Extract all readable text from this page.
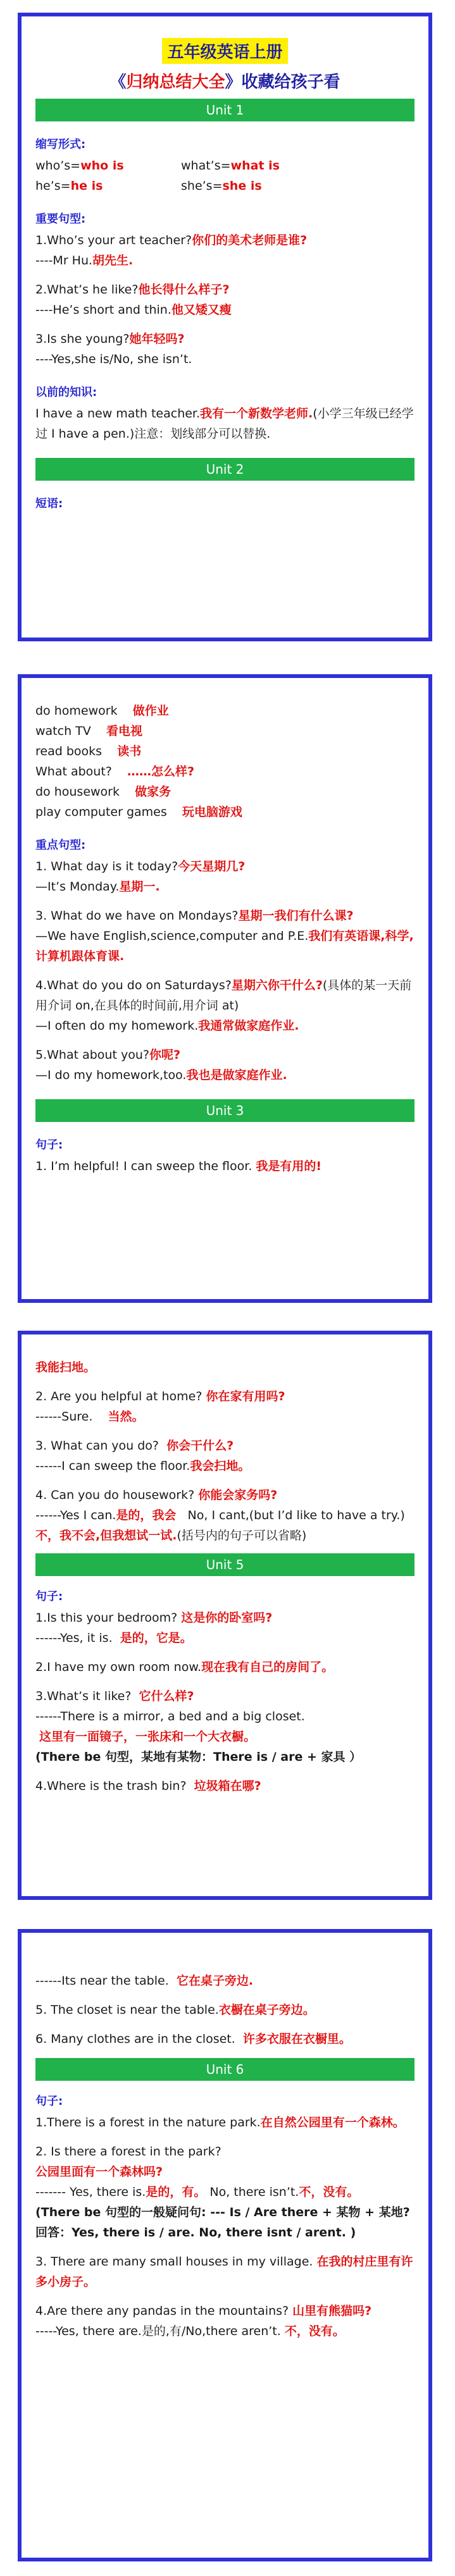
五年级英语上册
《归纳总结大全》收藏给孩子看
Unit 1
缩写形式:

who’s=who is	what’s=what is

he’s=he is	she’s=she is

重要句型:

1.Who’s your art teacher?你们的美术老师是谁?

----Mr Hu.胡先生.

2.What’s he like?他长得什么样子?

----He’s short and thin.他又矮又瘦

3.Is she young?她年轻吗?

----Yes,she is/No, she isn’t.

以前的知识:

I have a new math teacher.我有一个新数学老师.(小学三年级已经学过 I have a pen.)注意：划线部分可以替换.

Unit 2
短语:

do homework 做作业

watch TV 看电视

read books 读书

What about? ……怎么样?

do housework 做家务

play computer games 玩电脑游戏

重点句型:

1. What day is it today?今天星期几?

—It’s Monday.星期一.

3. What do we have on Mondays?星期一我们有什么课?

—We have English,science,computer and P.E.我们有英语课,科学,计算机跟体育课.

4.What do you do on Saturdays?星期六你干什么?(具体的某一天前用介词 on,在具体的时间前,用介词 at)

—I often do my homework.我通常做家庭作业.

5.What about you?你呢?

—I do my homework,too.我也是做家庭作业.

Unit 3
句子:

1. I’m helpful! I can sweep the floor. 我是有用的!

我能扫地。

2. Are you helpful at home? 你在家有用吗?

------Sure. 当然。

3. What can you do? 你会干什么?

------I can sweep the floor.我会扫地。

4. Can you do housework? 你能会家务吗?

------Yes I can.是的，我会 No, I cant,(but I’d like to have a try.)不，我不会,但我想试一试.(括号内的句子可以省略)

Unit 5
句子:

1.Is this your bedroom? 这是你的卧室吗?

------Yes, it is. 是的，它是。

2.I have my own room now.现在我有自己的房间了。

3.What’s it like? 它什么样?

------There is a mirror, a bed and a big closet.

这里有一面镜子，一张床和一个大衣橱。

(There be 句型，某地有某物：There is / are + 家具 ）

4.Where is the trash bin? 垃圾箱在哪?

------Its near the table. 它在桌子旁边.

5. The closet is near the table.衣橱在桌子旁边。

6. Many clothes are in the closet. 许多衣服在衣橱里。

Unit 6
句子:

1.There is a forest in the nature park.在自然公园里有一个森林。

2. Is there a forest in the park?

公园里面有一个森林吗?

------- Yes, there is.是的，有。 No, there isn’t.不，没有。

(There be 句型的一般疑问句: --- Is / Are there + 某物 + 某地? 回答：Yes, there is / are. No, there isnt / arent. )

3. There are many small houses in my village. 在我的村庄里有许多小房子。

4.Are there any pandas in the mountains? 山里有熊猫吗?

-----Yes, there are.是的,有/No,there aren’t. 不，没有。
